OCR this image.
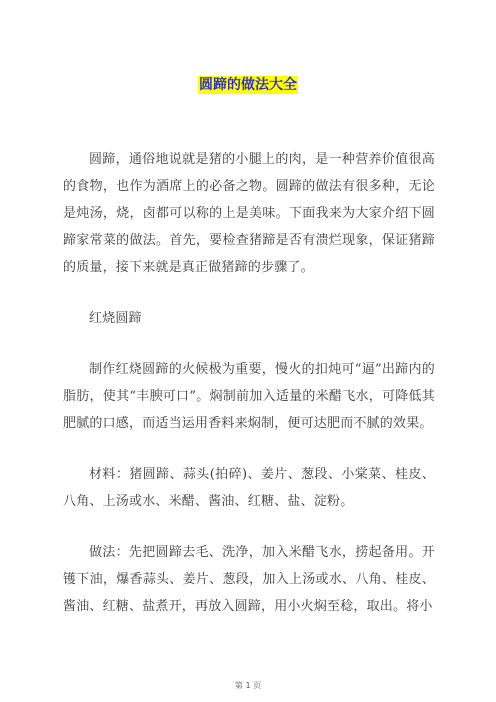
圆蹄的做法大全

圆蹄，通俗地说就是猪的小腿上的肉，是一种营养价值很高的食物，也作为酒席上的必备之物。圆蹄的做法有很多种，无论是炖汤，烧，卤都可以称的上是美味。下面我来为大家介绍下圆蹄家常菜的做法。首先，要检查猪蹄是否有溃烂现象，保证猪蹄的质量，接下来就是真正做猪蹄的步骤了。

红烧圆蹄

制作红烧圆蹄的火候极为重要，慢火的扣炖可“逼”出蹄内的脂肪，使其“丰腴可口”。焖制前加入适量的米醋飞水，可降低其肥腻的口感，而适当运用香料来焖制，便可达肥而不腻的效果。

材料：猪圆蹄、蒜头(拍碎)、姜片、葱段、小棠菜、桂皮、八角、上汤或水、米醋、酱油、红糖、盐、淀粉。

做法：先把圆蹄去毛、洗净，加入米醋飞水，捞起备用。开镬下油，爆香蒜头、姜片、葱段，加入上汤或水、八角、桂皮、酱油、红糖、盐煮开，再放入圆蹄，用小火焖至稔，取出。将小

第 1 页
